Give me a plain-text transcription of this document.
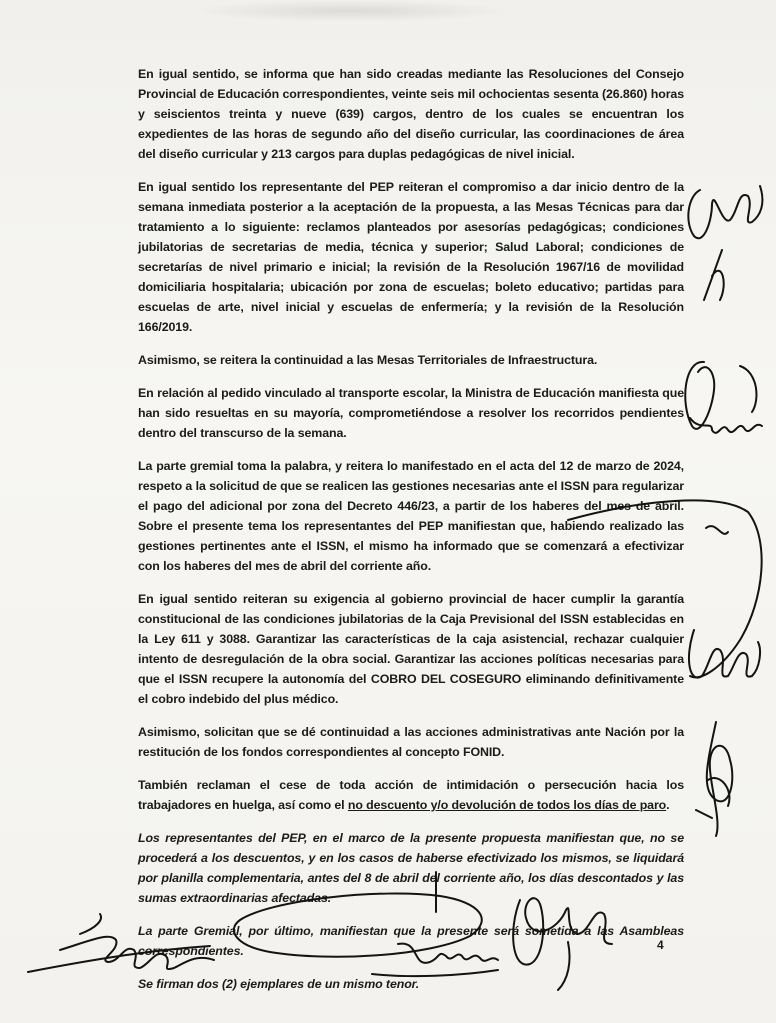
En igual sentido, se informa que han sido creadas mediante las Resoluciones del Consejo Provincial de Educación correspondientes, veinte seis mil ochocientas sesenta (26.860) horas y seiscientos treinta y nueve (639) cargos, dentro de los cuales se encuentran los expedientes de las horas de segundo año del diseño curricular, las coordinaciones de área del diseño curricular y 213 cargos para duplas pedagógicas de nivel inicial.

En igual sentido los representante del PEP reiteran el compromiso a dar inicio dentro de la semana inmediata posterior a la aceptación de la propuesta, a las Mesas Técnicas para dar tratamiento a lo siguiente: reclamos planteados por asesorías pedagógicas; condiciones jubilatorias de secretarias de media, técnica y superior; Salud Laboral; condiciones de secretarías de nivel primario e inicial; la revisión de la Resolución 1967/16 de movilidad domiciliaria hospitalaria; ubicación por zona de escuelas; boleto educativo; partidas para escuelas de arte, nivel inicial y escuelas de enfermería; y la revisión de la Resolución 166/2019.

Asimismo, se reitera la continuidad a las Mesas Territoriales de Infraestructura.

En relación al pedido vinculado al transporte escolar, la Ministra de Educación manifiesta que han sido resueltas en su mayoría, comprometiéndose a resolver los recorridos pendientes dentro del transcurso de la semana.

La parte gremial toma la palabra, y reitera lo manifestado en el acta del 12 de marzo de 2024, respeto a la solicitud de que se realicen las gestiones necesarias ante el ISSN para regularizar el pago del adicional por zona del Decreto 446/23, a partir de los haberes del mes de abril. Sobre el presente tema los representantes del PEP manifiestan que, habiendo realizado las gestiones pertinentes ante el ISSN, el mismo ha informado que se comenzará a efectivizar con los haberes del mes de abril del corriente año.

En igual sentido reiteran su exigencia al gobierno provincial de hacer cumplir la garantía constitucional de las condiciones jubilatorias de la Caja Previsional del ISSN establecidas en la Ley 611 y 3088. Garantizar las características de la caja asistencial, rechazar cualquier intento de desregulación de la obra social. Garantizar las acciones políticas necesarias para que el ISSN recupere la autonomía del COBRO DEL COSEGURO eliminando definitivamente el cobro indebido del plus médico.

Asimismo, solicitan que se dé continuidad a las acciones administrativas ante Nación por la restitución de los fondos correspondientes al concepto FONID.

También reclaman el cese de toda acción de intimidación o persecución hacia los trabajadores en huelga, así como el no descuento y/o devolución de todos los días de paro.

Los representantes del PEP, en el marco de la presente propuesta manifiestan que, no se procederá a los descuentos, y en los casos de haberse efectivizado los mismos, se liquidará por planilla complementaria, antes del 8 de abril del corriente año, los días descontados y las sumas extraordinarias afectadas.

La parte Gremial, por último, manifiestan que la presente será sometida a las Asambleas correspondientes.

Se firman dos (2) ejemplares de un mismo tenor.

4
